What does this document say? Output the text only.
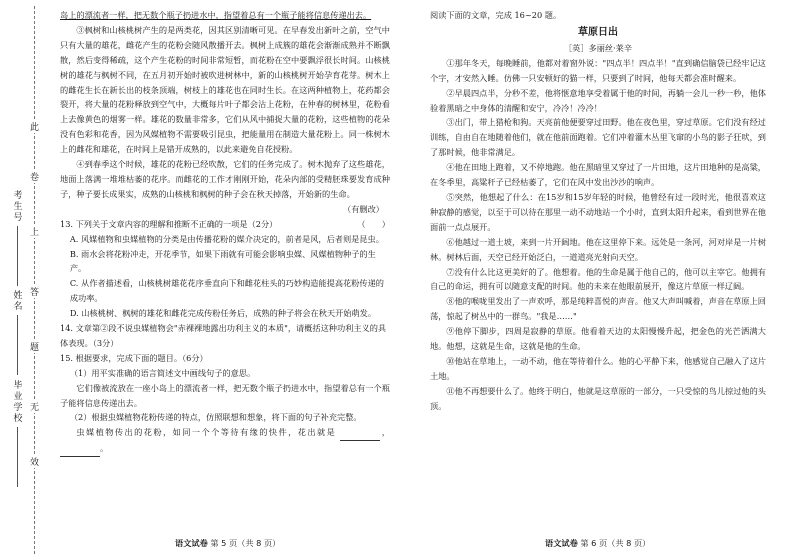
考生号
姓名
毕业学校
此
卷
上
答
题
无
效

岛上的漂流者一样，把无数个瓶子扔进水中，指望着总有一个瓶子能将信息传递出去。

③枫树和山核桃树产生的是两类花，因其区别清晰可见。在早春发出新叶之前，空气中只有大量的雄花，雌花产生的花粉会随风散播开去。枫树上成簇的雄花会渐渐成熟并不断飘散，然后变得稀疏，这个产生花粉的时间非常短暂，而花粉在空中要飘浮很长时间。山核桃树的雄花与枫树不同，在五月初开始时被吹进树林中，新的山核桃树开始孕育花芽。树木上的雌花生长在新长出的枝条顶端，树枝上的雄花也在同时生长。在这两种植物上，花药都会裂开，将大量的花粉释放到空气中，大概每片叶子都会沾上花粉，在仲春的树林里，花粉看上去像黄色的烟雾一样。雄花的数量非常多，它们从风中捕捉大量的花粉，这些植物的花朵没有色彩和花香，因为风媒植物不需要吸引昆虫，把能量用在制造大量花粉上。同一株树木上的雌花和雄花，在时间上是错开成熟的，以此来避免自花授粉。

④到春季这个时候，雄花的花粉已经吹散，它们的任务完成了。树木抛弃了这些雄花，地面上落满一堆堆枯萎的花序。而雌花的工作才刚刚开始，花朵内部的受精胚珠要发育成种子，种子要长成果实，成熟的山核桃和枫树的种子会在秋天掉落，开始新的生命。

（有删改）
13. 下列关于文章内容的理解和推断不正确的一项是（2分）	（　　）
A. 风媒植物和虫媒植物的分类是由传播花粉的媒介决定的，前者是风，后者则是昆虫。
B. 雨水会将花粉冲走，开花季节，如果下雨就有可能会影响虫媒、风媒植物种子的生产。
C. 从作者描述看，山核桃树雄花花序垂直向下和雌花柱头的巧妙构造能提高花粉传递的成功率。
D. 山核桃树、枫树的雄花和雌花完成传粉任务后，成熟的种子将会在秋天开始萌发。
14. 文章第②段不说虫媒植物会"赤裸裸地露出功利主义的本质"，请概括这种功利主义的具体表现。（3分）
15. 根据要求，完成下面的题目。（6分）
（1）用平实准确的语言简述文中画线句子的意思。

它们像被流放在一座小岛上的漂流者一样，把无数个瓶子扔进水中，指望着总有一个瓶子能将信息传递出去。

（2）根据虫媒植物花粉传递的特点，仿照联想和想象，将下面的句子补充完整。

虫媒植物传出的花粉，如同一个个等待有缘的快件，花出就是	，  。

语文试卷 第 5 页（共 8 页）
阅读下面的文章，完成 16~20 题。
草原日出
［英］多丽丝·莱辛

①那年冬天，每晚睡前，他都对着窗外说："四点半！四点半！"直到确信脑袋已经牢记这个字，才安然入睡。仿佛一只安顿好的猫一样，只要到了时间，他每天都会准时醒来。

②早晨四点半，分秒不差，他将惬意地享受着属于他的时间，再躺一会儿一秒一秒，他体验着黑暗之中身体的清醒和安宁，冷冷！冷冷！

③出门，带上猎枪和狗。天亮前他便要穿过田野。他在夜色里，穿过草原。它们没有经过训练，自由自在地随着他们，就在他前面跑着。它们冲着灌木丛里飞窜的小鸟的影子狂吠，到了那时候，他非常满足。

④他在田地上跑着，又不停地跑。他在黑暗里又穿过了一片田地，这片田地种的是高粱，在冬季里，高粱秆子已经枯萎了，它们在风中发出沙沙的响声。

⑤突然，他想起了什么：在15岁和15岁年轻的时候，他曾经有过一段时光，他很喜欢这种寂静的感觉，以至于可以待在那里一动不动地站一个小时，直到太阳升起来，看到世界在他面前一点点展开。

⑥他越过一道土坡，来到一片开阔地。他在这里停下来。远处是一条河，河对岸是一片树林。树林后面，天空已经开始泛白，一道道亮光射向天空。

⑦没有什么比这更美好的了。他想着。他的生命是属于他自己的，他可以主宰它。他拥有自己的命运，拥有可以随意支配的时间。他的未来在他眼前展开，像这片草原一样辽阔。

⑧他的喉咙里发出了一声欢呼，那是纯粹喜悦的声音。他又大声叫喊着，声音在草原上回荡，惊起了树丛中的一群鸟。"我是……"

⑨他停下脚步，四周是寂静的草原。他看着天边的太阳慢慢升起，把金色的光芒洒满大地。他想，这就是生命，这就是他的生命。

⑩他站在草地上，一动不动，他在等待着什么。他的心平静下来，他感觉自己融入了这片土地。

⑪他不再想要什么了。他终于明白，他就是这草原的一部分，一只受惊的鸟儿掠过他的头顶。

语文试卷 第 6 页（共 8 页）
